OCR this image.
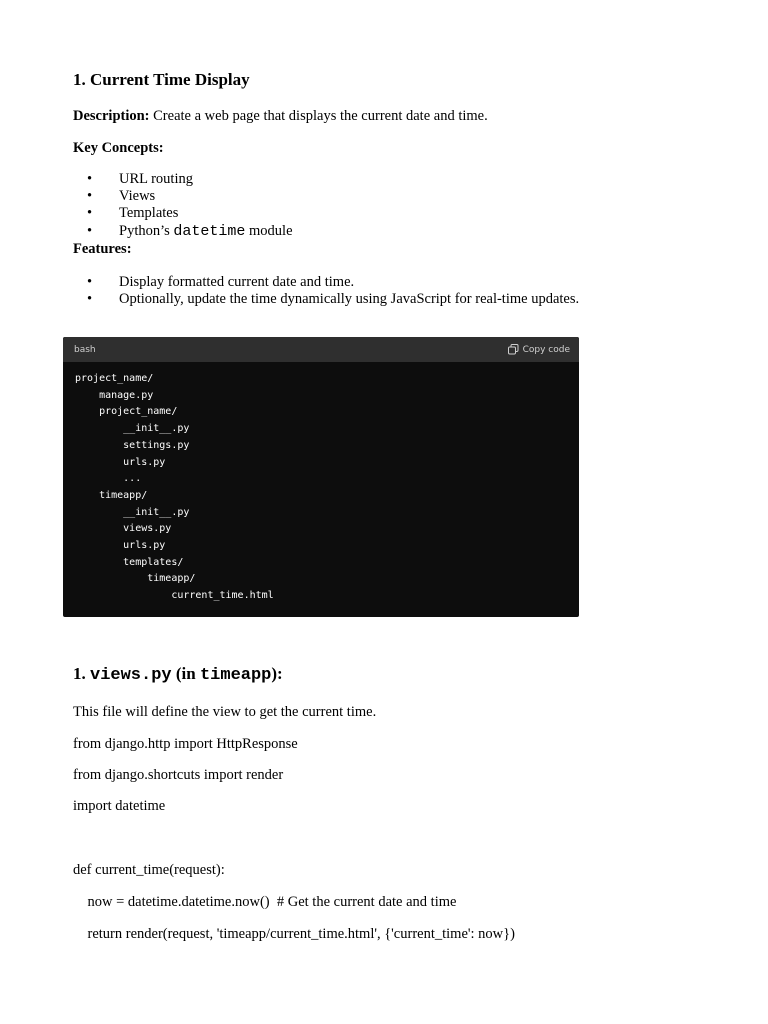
1. Current Time Display

Description: Create a web page that displays the current date and time.

Key Concepts:

• URL routing
• Views
• Templates
• Python’s datetime module

Features:

• Display formatted current date and time.
• Optionally, update the time dynamically using JavaScript for real-time updates.
bash	Copy code
project_name/
manage.py
project_name/
__init__.py
settings.py
urls.py
...
timeapp/
__init__.py
views.py
urls.py
templates/
timeapp/
current_time.html
1. views.py (in timeapp):

This file will define the view to get the current time.

from django.http import HttpResponse

from django.shortcuts import render

import datetime

def current_time(request):

now = datetime.datetime.now()  # Get the current date and time

return render(request, 'timeapp/current_time.html', {'current_time': now})
